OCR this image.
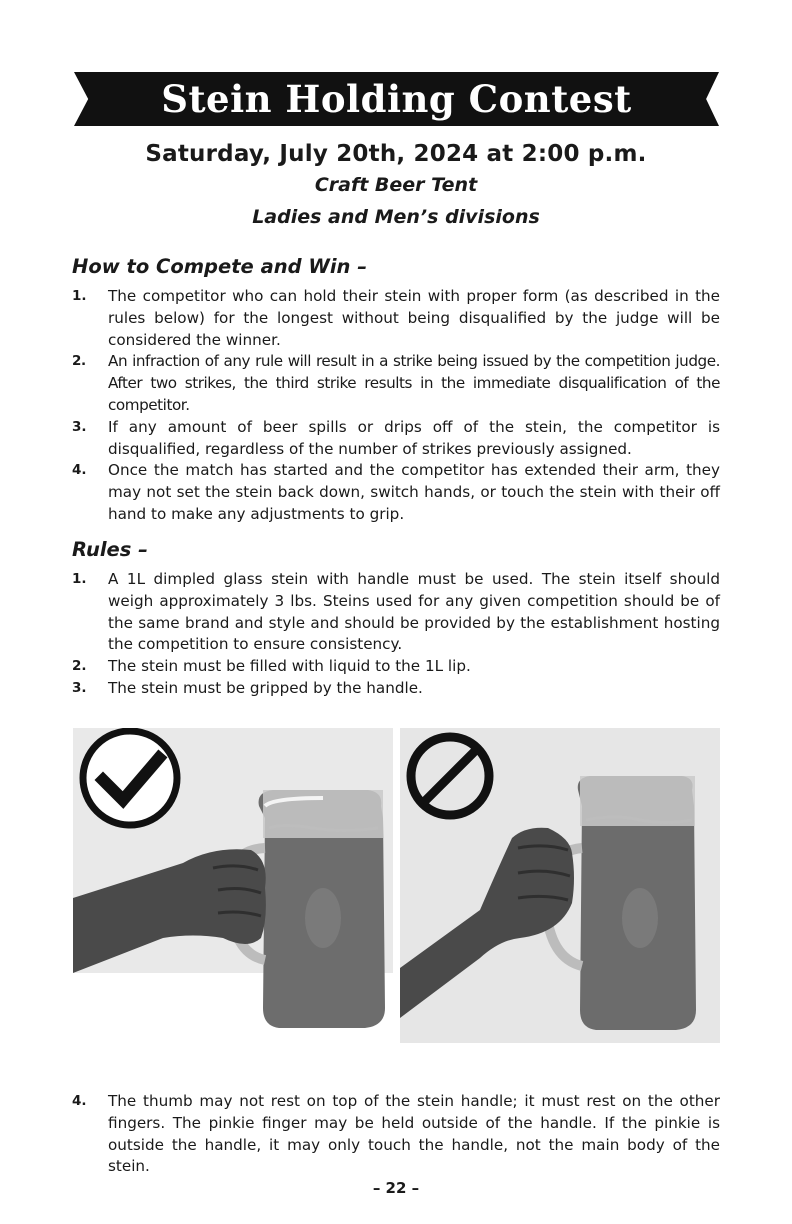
Stein Holding Contest
Saturday, July 20th, 2024 at 2:00 p.m.
Craft Beer Tent
Ladies and Men’s divisions
How to Compete and Win –
1. The competitor who can hold their stein with proper form (as described in the rules below) for the longest without being disqualified by the judge will be considered the winner.
2. An infraction of any rule will result in a strike being issued by the competition judge. After two strikes, the third strike results in the immediate disqualification of the competitor.
3. If any amount of beer spills or drips off of the stein, the competitor is disqualified, regardless of the number of strikes previously assigned.
4. Once the match has started and the competitor has extended their arm, they may not set the stein back down, switch hands, or touch the stein with their off hand to make any adjustments to grip.
Rules –
1. A 1L dimpled glass stein with handle must be used. The stein itself should weigh approximately 3 lbs. Steins used for any given competition should be of the same brand and style and should be provided by the establishment hosting the competition to ensure consistency.
2. The stein must be filled with liquid to the 1L lip.
3. The stein must be gripped by the handle.
4. The thumb may not rest on top of the stein handle; it must rest on the other fingers. The pinkie finger may be held outside of the handle. If the pinkie is outside the handle, it may only touch the handle, not the main body of the stein.
– 22 –
